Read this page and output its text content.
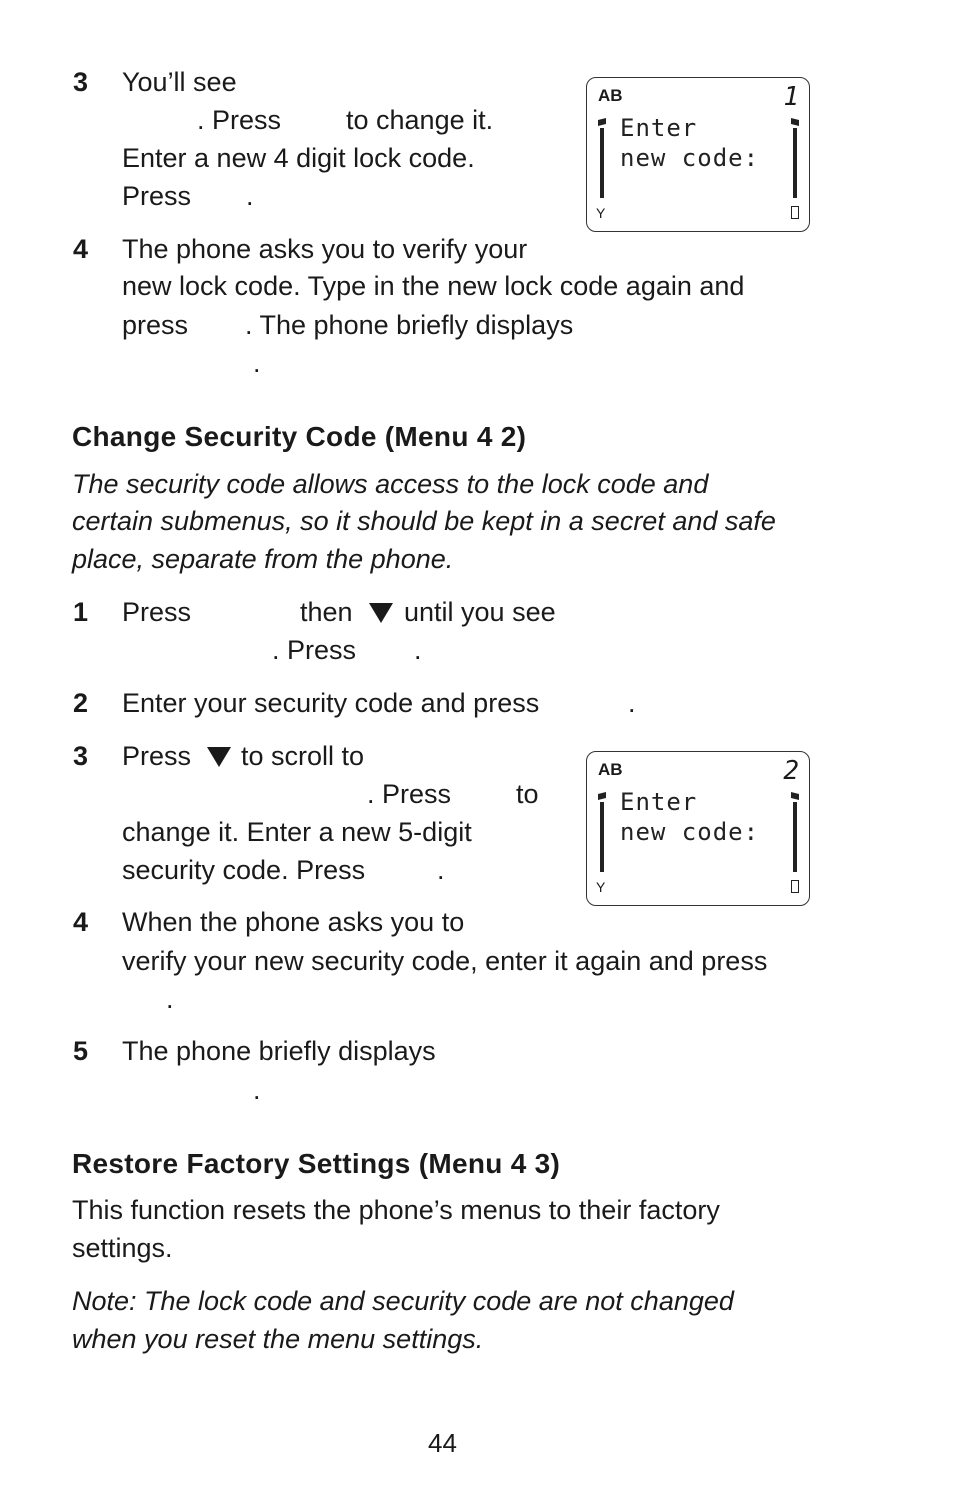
3 You’ll see
. Press to change it.
Enter a new 4 digit lock code.
Press .
AB	1
Enter
new code:
Y
4 The phone asks you to verify your
new lock code. Type in the new lock code again and
press . The phone briefly displays
.
Change Security Code (Menu 4 2)
The security code allows access to the lock code and
certain submenus, so it should be kept in a secret and safe
place, separate from the phone.
1 Press	then until you see
. Press .
2 Enter your security code and press	.
3 Press to scroll to
. Press to
change it. Enter a new 5-digit
security code. Press	.
AB	2
Enter
new code:
Y
4 When the phone asks you to
verify your new security code, enter it again and press
.
5 The phone briefly displays
.
Restore Factory Settings (Menu 4 3)
This function resets the phone’s menus to their factory
settings.
Note: The lock code and security code are not changed
when you reset the menu settings.
44
